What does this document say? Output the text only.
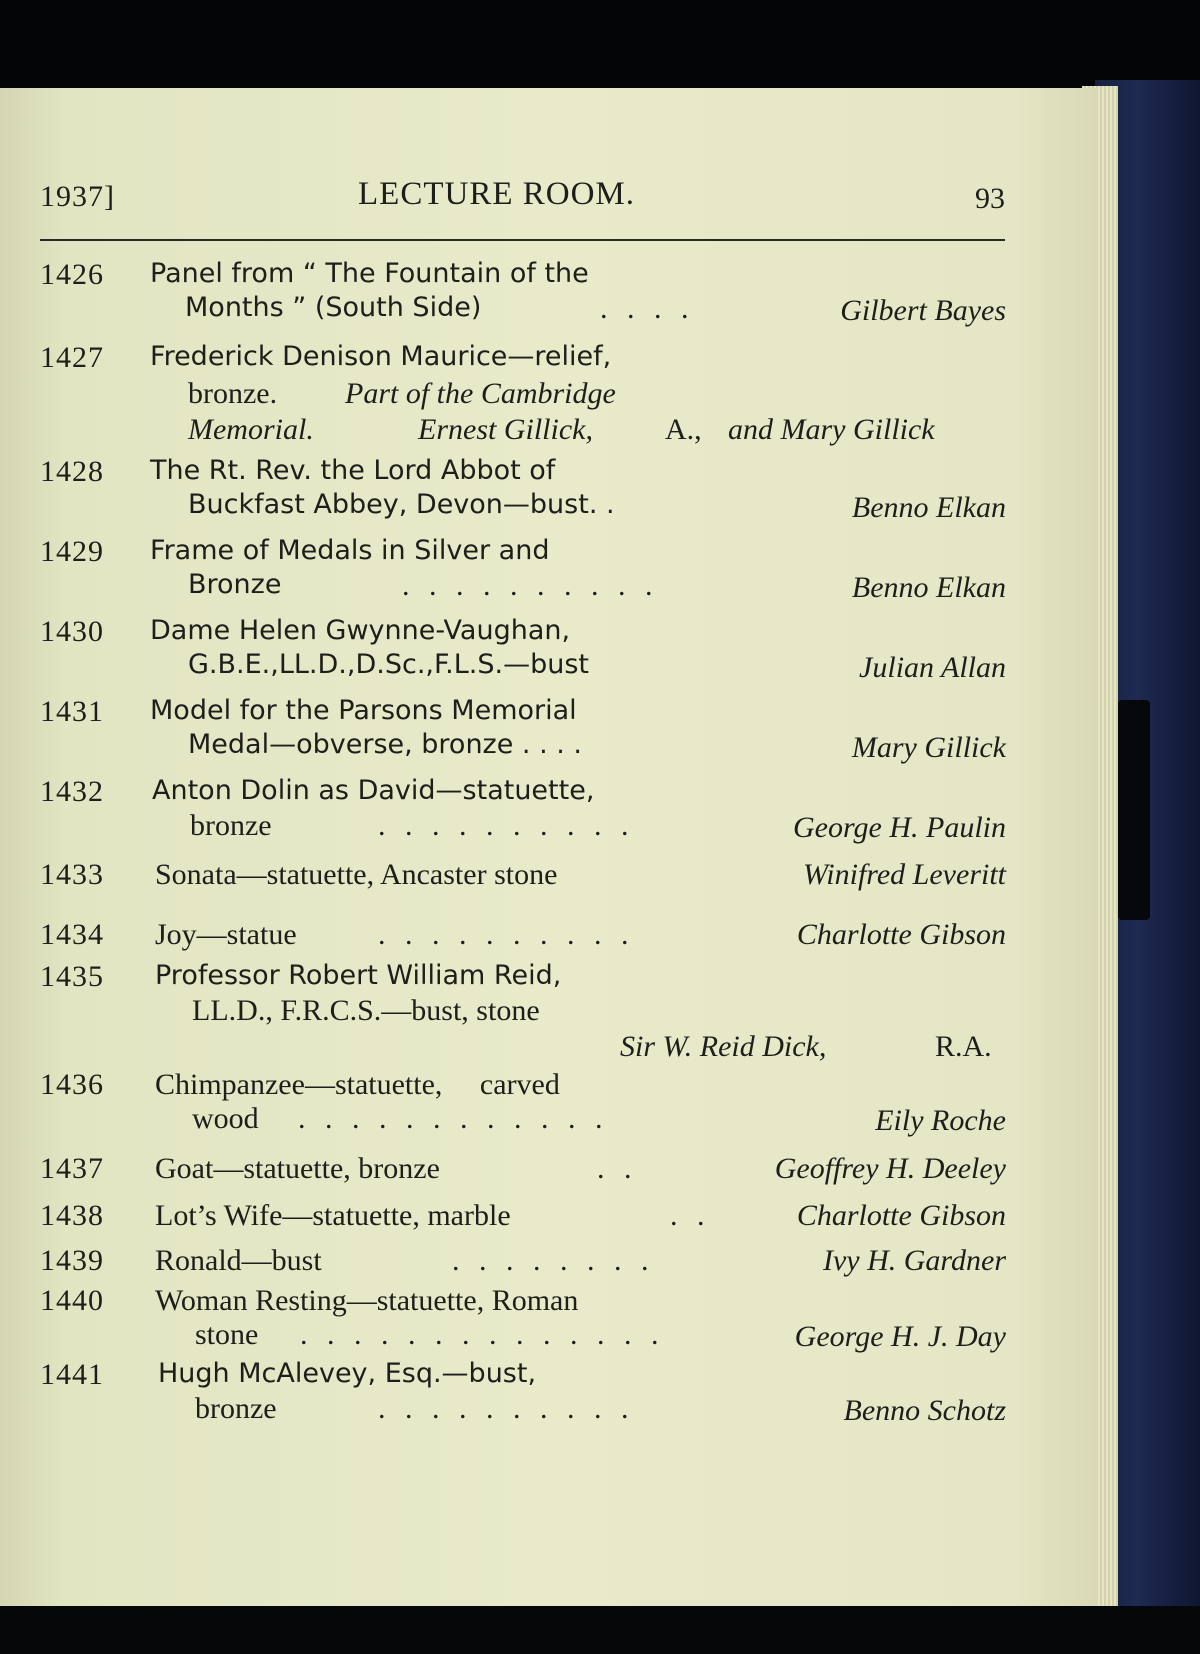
1937]	LECTURE ROOM.	93
1426 Panel from “ The Fountain of the
Months ” (South Side)	. . . .	Gilbert Bayes
1427 Frederick Denison Maurice—relief,
bronze. Part of the Cambridge
Memorial.	Ernest Gillick, A., and Mary Gillick
1428 The Rt. Rev. the Lord Abbot of
Buckfast Abbey, Devon—bust. .	Benno Elkan
1429 Frame of Medals in Silver and
Bronze	. . . . . . . . . .	Benno Elkan
1430 Dame Helen Gwynne-Vaughan,
G.B.E.,LL.D.,D.Sc.,F.L.S.—bust	Julian Allan
1431 Model for the Parsons Memorial
Medal—obverse, bronze . . . .	Mary Gillick
1432 Anton Dolin as David—statuette,
bronze	. . . . . . . . . .	George H. Paulin
1433 Sonata—statuette, Ancaster stone	Winifred Leveritt
1434 Joy—statue	. . . . . . . . . .	Charlotte Gibson
1435 Professor Robert William Reid,
LL.D., F.R.C.S.—bust, stone
Sir W. Reid Dick,	R.A.
1436 Chimpanzee—statuette,     carved
wood . . . . . . . . . . . .	Eily Roche
1437 Goat—statuette, bronze	. .	Geoffrey H. Deeley
1438 Lot’s Wife—statuette, marble	. .	Charlotte Gibson
1439 Ronald—bust	. . . . . . . .	Ivy H. Gardner
1440 Woman Resting—statuette, Roman
stone . . . . . . . . . . . . . .	George H. J. Day
1441 Hugh McAlevey, Esq.—bust,
bronze	. . . . . . . . . .	Benno Schotz
